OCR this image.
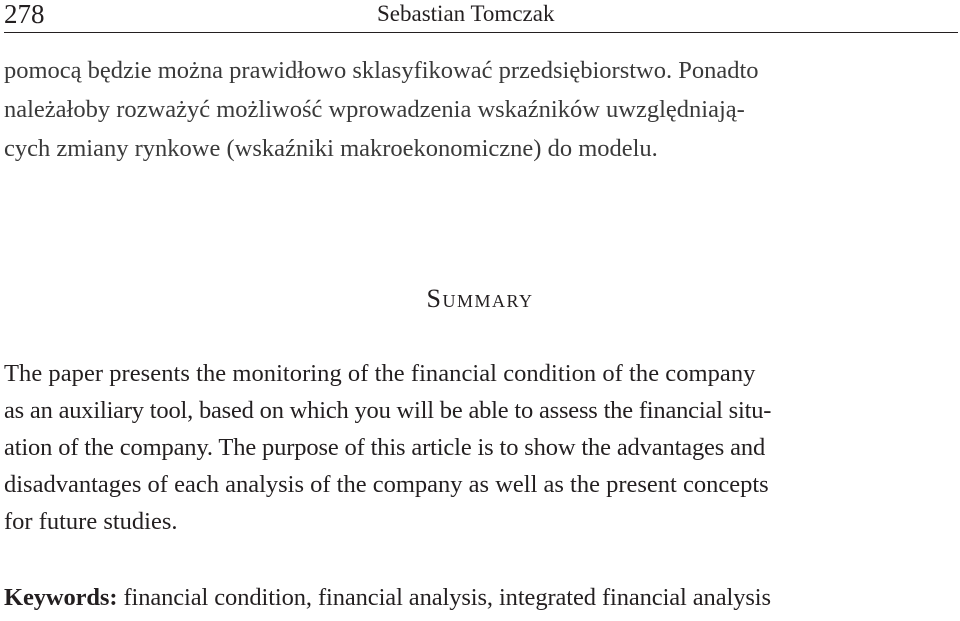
278	Sebastian Tomczak
pomocą będzie można prawidłowo sklasyfikować przedsiębiorstwo. Ponadto
należałoby rozważyć możliwość wprowadzenia wskaźników uwzględniają-
cych zmiany rynkowe (wskaźniki makroekonomiczne) do modelu.
Summary
The paper presents the monitoring of the financial condition of the company
as an auxiliary tool, based on which you will be able to assess the financial situ-
ation of the company. The purpose of this article is to show the advantages and
disadvantages of each analysis of the company as well as the present concepts
for future studies.
Keywords: financial condition, financial analysis, integrated financial analysis
